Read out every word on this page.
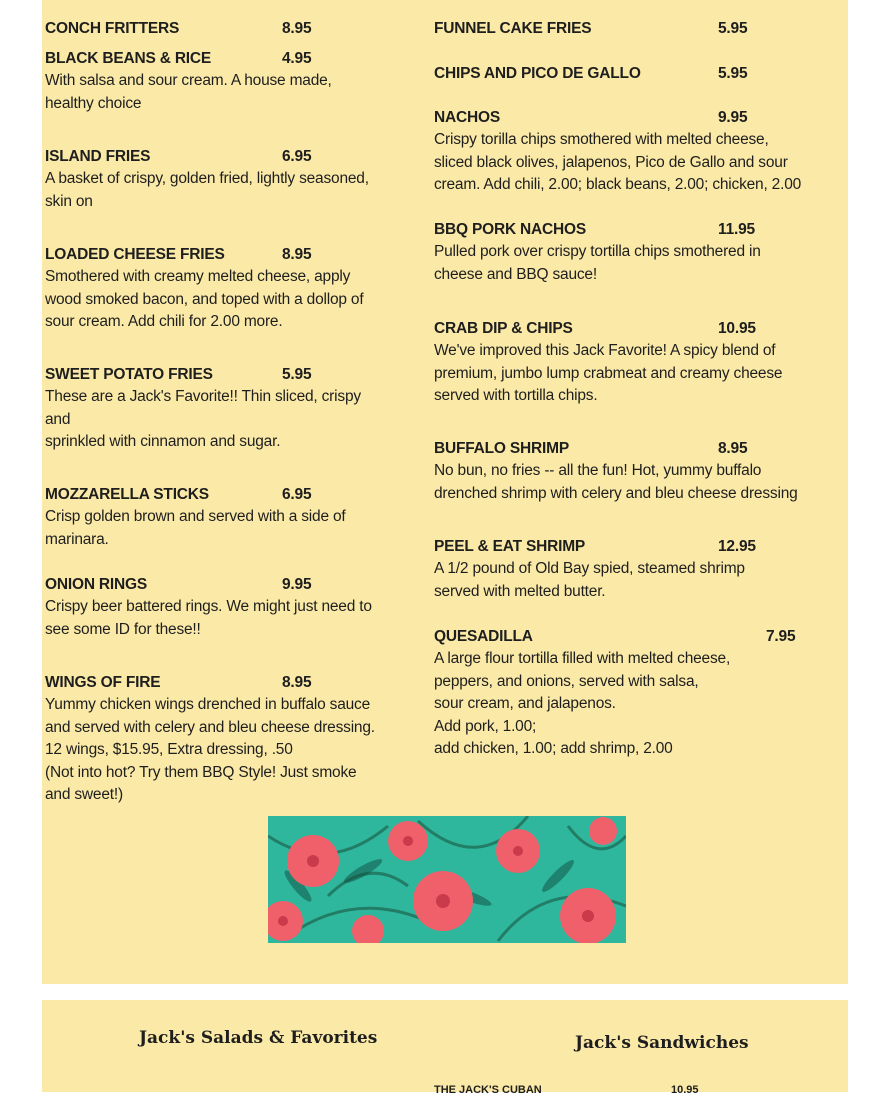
CONCH FRITTERS	8.95
BLACK BEANS & RICE	4.95
With salsa and sour cream. A house made,
healthy choice
ISLAND FRIES	6.95
A basket of crispy, golden fried, lightly seasoned,
skin on
LOADED CHEESE FRIES	8.95
Smothered with creamy melted cheese, apply
wood smoked bacon, and toped with a dollop of
sour cream. Add chili for 2.00 more.
SWEET POTATO FRIES	5.95
These are a Jack's Favorite!! Thin sliced, crispy
and
sprinkled with cinnamon and sugar.
MOZZARELLA STICKS	6.95
Crisp golden brown and served with a side of
marinara.
ONION RINGS	9.95
Crispy beer battered rings. We might just need to
see some ID for these!!
WINGS OF FIRE	8.95
Yummy chicken wings drenched in buffalo sauce
and served with celery and bleu cheese dressing.
12 wings, $15.95, Extra dressing, .50
(Not into hot? Try them BBQ Style! Just smoke
and sweet!)
FUNNEL CAKE FRIES	5.95
CHIPS AND PICO DE GALLO	5.95
NACHOS	9.95
Crispy torilla chips smothered with melted cheese,
sliced black olives, jalapenos, Pico de Gallo and sour
cream. Add chili, 2.00; black beans, 2.00; chicken, 2.00
BBQ PORK NACHOS	11.95
Pulled pork over crispy tortilla chips smothered in
cheese and BBQ sauce!
CRAB DIP & CHIPS	10.95
We've improved this Jack Favorite! A spicy blend of
premium, jumbo lump crabmeat and creamy cheese
served with tortilla chips.
BUFFALO SHRIMP	8.95
No bun, no fries -- all the fun! Hot, yummy buffalo
drenched shrimp with celery and bleu cheese dressing
PEEL & EAT SHRIMP	12.95
A 1/2 pound of Old Bay spied, steamed shrimp
served with melted butter.
QUESADILLA	7.95
A large flour tortilla filled with melted cheese,
peppers, and onions, served with salsa,
sour cream, and jalapenos.
Add pork, 1.00;
add chicken, 1.00; add shrimp, 2.00
Jack's Salads & Favorites	Jack's Sandwiches
THE JACK'S CUBAN	10.95
